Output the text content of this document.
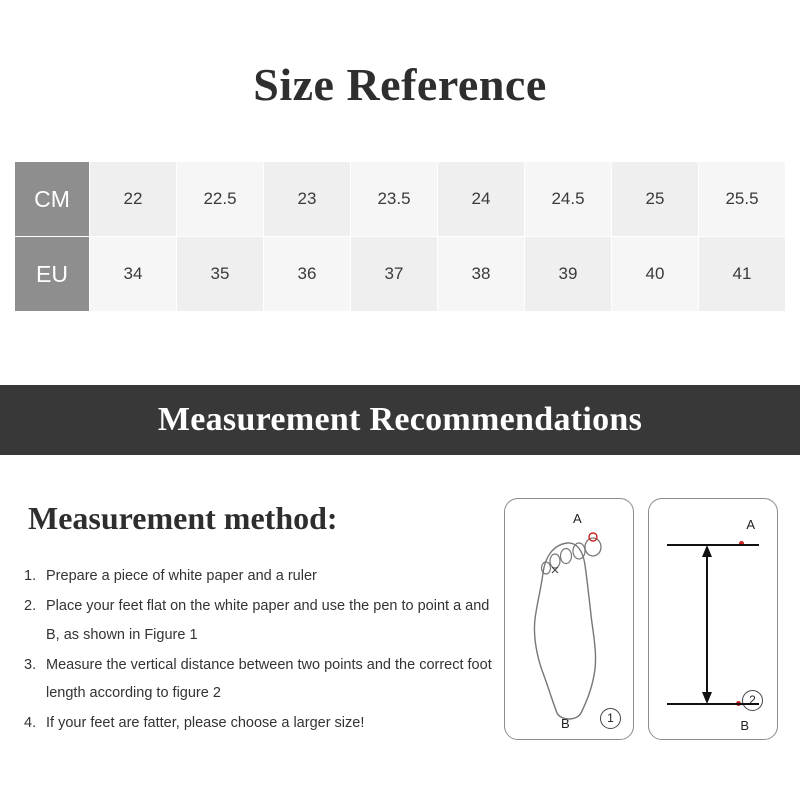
Size Reference
CM	22	22.5	23	23.5	24	24.5	25	25.5
EU	34	35	36	37	38	39	40	41
Measurement Recommendations
Measurement method:
1. Prepare a piece of white paper and a ruler
2. Place your feet flat on the white paper and use the pen to point a and B, as shown in Figure 1
3. Measure the vertical distance between two points and the correct foot length according to figure 2
4. If your feet are fatter, please choose a larger size!
A
B	1
A
B
2
